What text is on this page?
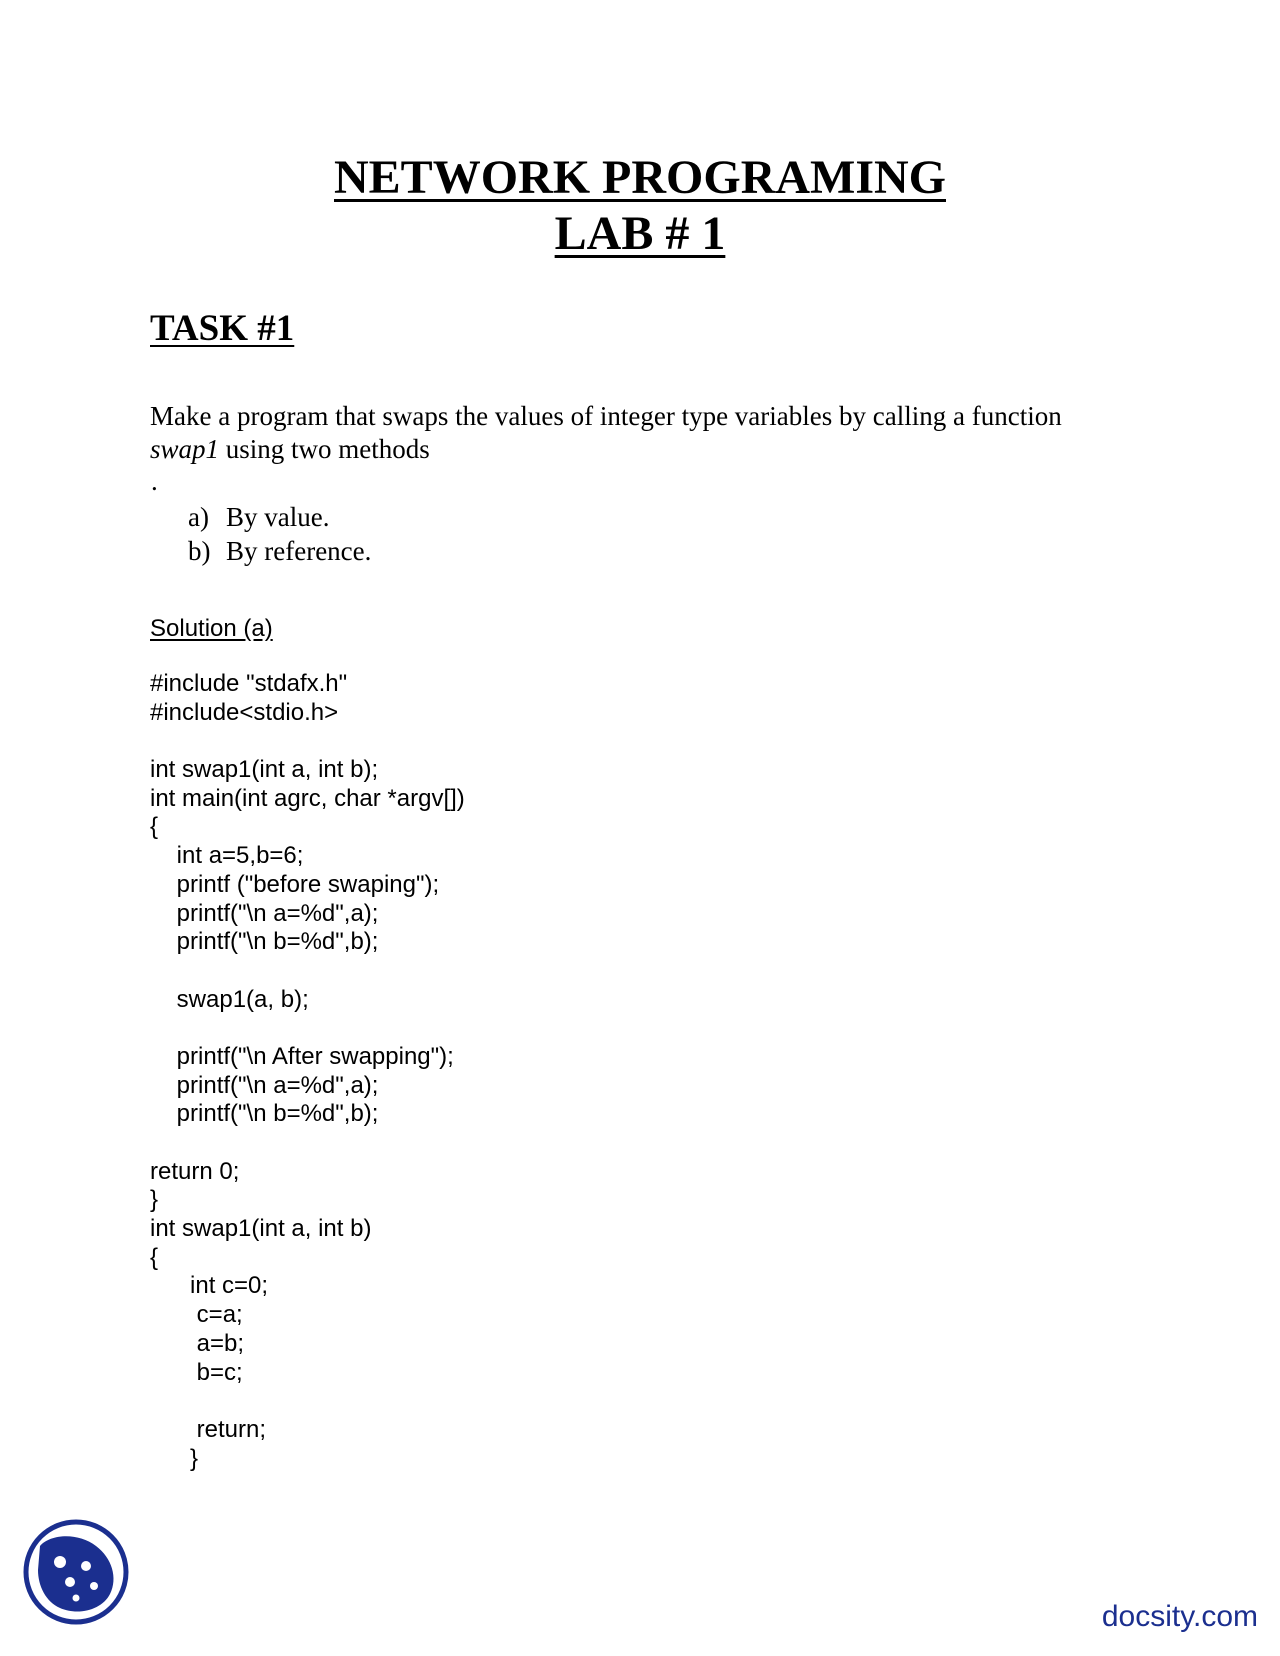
NETWORK PROGRAMING
LAB # 1
TASK #1
Make a program that swaps the values of integer type variables by calling a function swap1 using two methods
.
a) By value.
b) By reference.
Solution (a)
#include "stdafx.h"
#include<stdio.h>

int swap1(int a, int b);
int main(int agrc, char *argv[])
{
int a=5,b=6;
printf ("before swaping");
printf("\n a=%d",a);
printf("\n b=%d",b);

swap1(a, b);

printf("\n After swapping");
printf("\n a=%d",a);
printf("\n b=%d",b);

return 0;
}
int swap1(int a, int b)
{
int c=0;
c=a;
a=b;
b=c;

return;
}
docsity.com
